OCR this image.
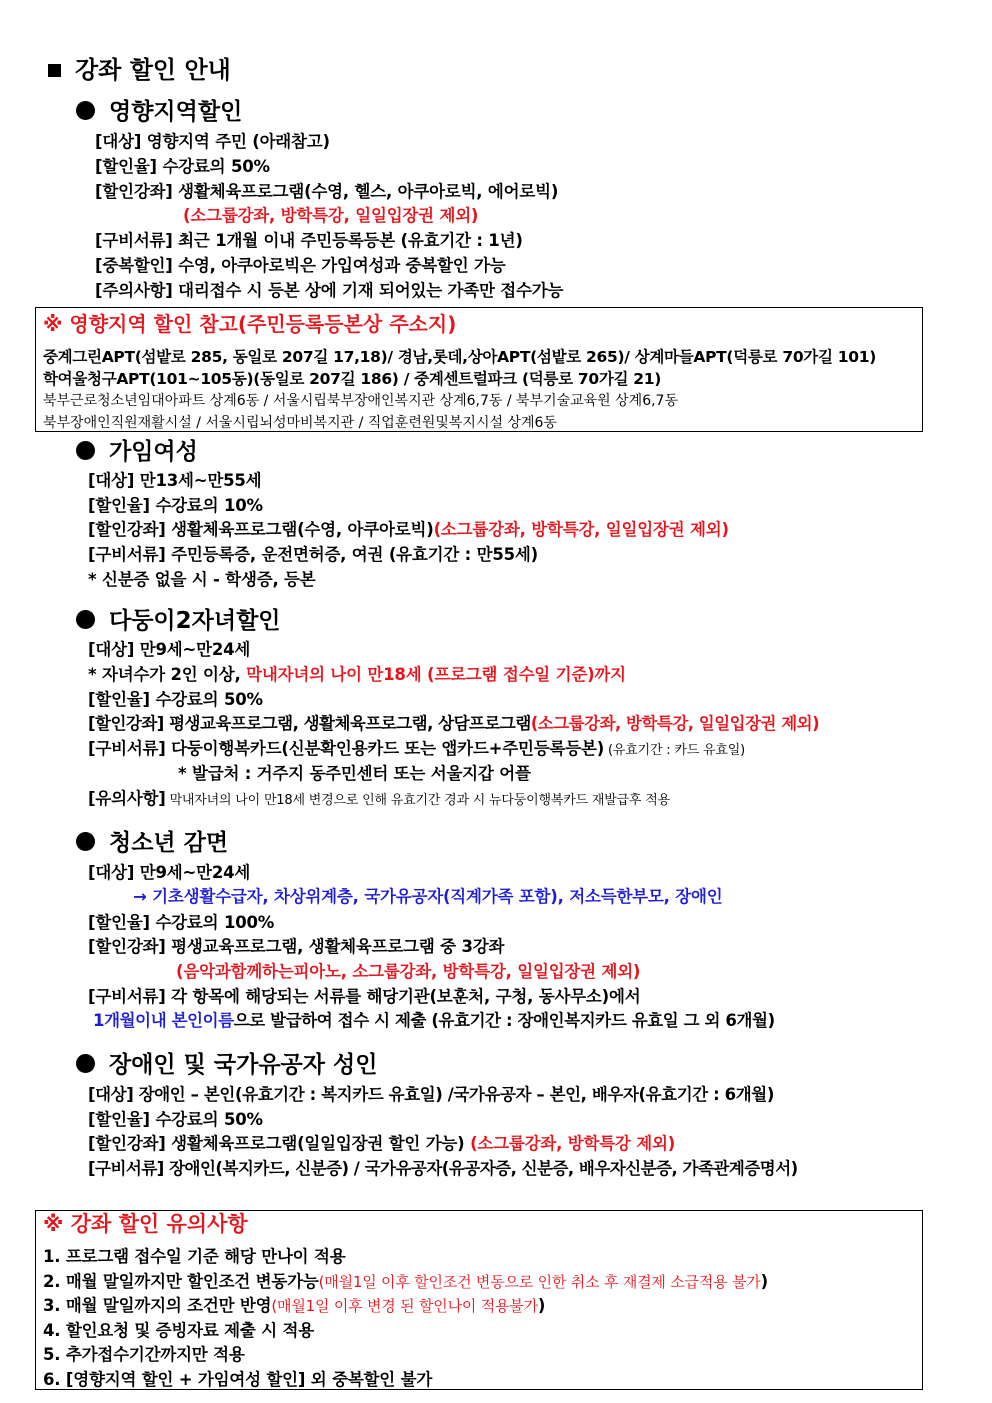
강좌 할인 안내
영향지역할인
[대상] 영향지역 주민 (아래참고)
[할인율] 수강료의 50%
[할인강좌] 생활체육프로그램(수영, 헬스, 아쿠아로빅, 에어로빅)
(소그룹강좌, 방학특강, 일일입장권 제외)
[구비서류] 최근 1개월 이내 주민등록등본 (유효기간 : 1년)
[중복할인] 수영, 아쿠아로빅은 가입여성과 중복할인 가능
[주의사항] 대리접수 시 등본 상에 기재 되어있는 가족만 접수가능
※ 영향지역 할인 참고(주민등록등본상 주소지)
중계그린APT(섬밭로 285, 동일로 207길 17,18)/ 경남,롯데,상아APT(섬밭로 265)/ 상계마들APT(덕릉로 70가길 101)
학여울청구APT(101~105동)(동일로 207길 186) / 중계센트럴파크 (덕릉로 70가길 21)
북부근로청소년임대아파트 상계6동 / 서울시립북부장애인복지관 상계6,7동 / 북부기술교육원 상계6,7동
북부장애인직원재활시설 / 서울시립뇌성마비복지관 / 직업훈련원및복지시설 상계6동
가임여성
[대상] 만13세~만55세
[할인율] 수강료의 10%
[할인강좌] 생활체육프로그램(수영, 아쿠아로빅)(소그룹강좌, 방학특강, 일일입장권 제외)
[구비서류] 주민등록증, 운전면허증, 여권 (유효기간 : 만55세)
* 신분증 없을 시 - 학생증, 등본
다둥이2자녀할인
[대상] 만9세~만24세
* 자녀수가 2인 이상, 막내자녀의 나이 만18세 (프로그램 접수일 기준)까지
[할인율] 수강료의 50%
[할인강좌] 평생교육프로그램, 생활체육프로그램, 상담프로그램(소그룹강좌, 방학특강, 일일입장권 제외)
[구비서류] 다둥이행복카드(신분확인용카드 또는 앱카드+주민등록등본) (유효기간 : 카드 유효일)
* 발급처 : 거주지 동주민센터 또는 서울지갑 어플
[유의사항] 막내자녀의 나이 만18세 변경으로 인해 유효기간 경과 시 뉴다둥이행복카드 재발급후 적용
청소년 감면
[대상] 만9세~만24세
→ 기초생활수급자, 차상위계층, 국가유공자(직계가족 포함), 저소득한부모, 장애인
[할인율] 수강료의 100%
[할인강좌] 평생교육프로그램, 생활체육프로그램 중 3강좌
(음악과함께하는피아노, 소그룹강좌, 방학특강, 일일입장권 제외)
[구비서류] 각 항목에 해당되는 서류를 해당기관(보훈처, 구청, 동사무소)에서
1개월이내 본인이름으로 발급하여 접수 시 제출 (유효기간 : 장애인복지카드 유효일 그 외 6개월)
장애인 및 국가유공자 성인
[대상] 장애인 – 본인(유효기간 : 복지카드 유효일) /국가유공자 – 본인, 배우자(유효기간 : 6개월)
[할인율] 수강료의 50%
[할인강좌] 생활체육프로그램(일일입장권 할인 가능) (소그룹강좌, 방학특강 제외)
[구비서류] 장애인(복지카드, 신분증) / 국가유공자(유공자증, 신분증, 배우자신분증, 가족관계증명서)
※ 강좌 할인 유의사항
1. 프로그램 접수일 기준 해당 만나이 적용
2. 매월 말일까지만 할인조건 변동가능(매월1일 이후 할인조건 변동으로 인한 취소 후 재결제 소급적용 불가)
3. 매월 말일까지의 조건만 반영(매월1일 이후 변경 된 할인나이 적용불가)
4. 할인요청 및 증빙자료 제출 시 적용
5. 추가접수기간까지만 적용
6. [영향지역 할인 + 가임여성 할인] 외 중복할인 불가
